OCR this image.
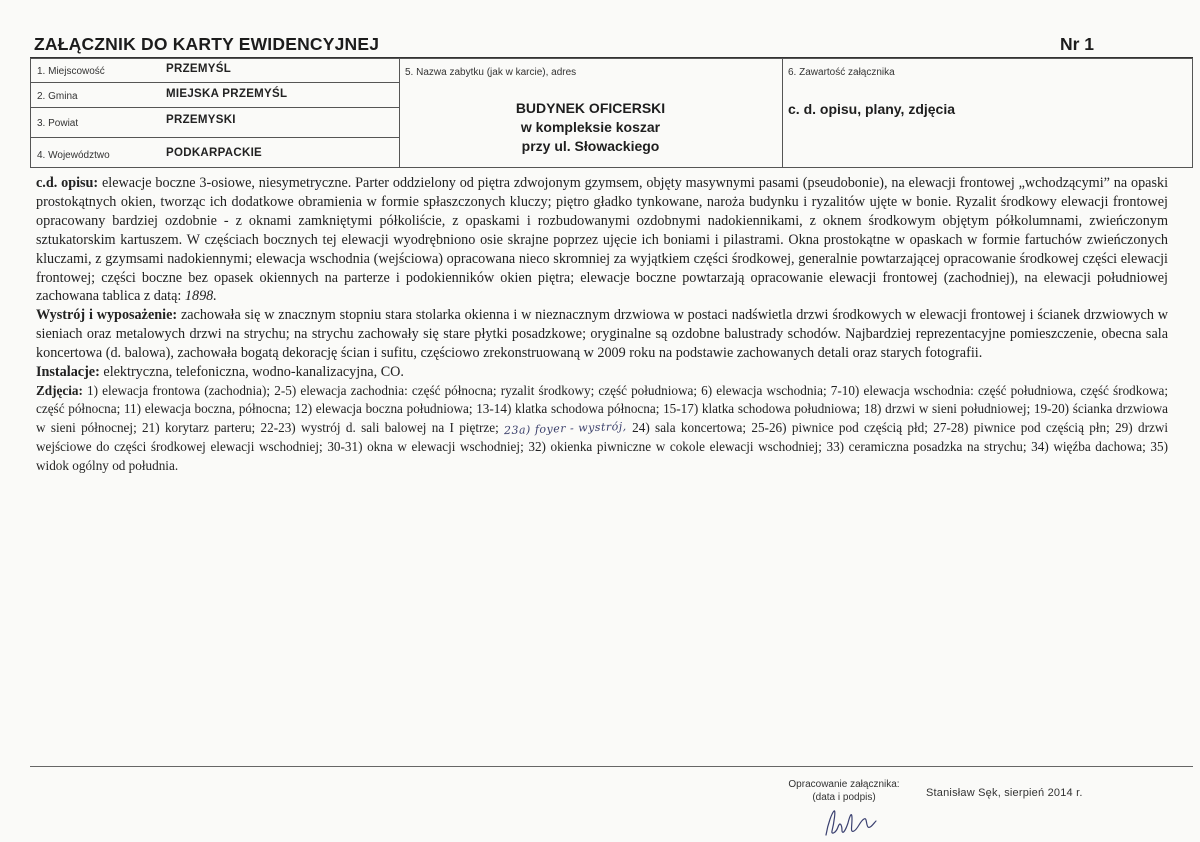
ZAŁĄCZNIK DO KARTY EWIDENCYJNEJ	Nr 1
1. Miejscowość	PRZEMYŚL
2. Gmina	MIEJSKA PRZEMYŚL
3. Powiat	PRZEMYSKI
4. Województwo	PODKARPACKIE
5. Nazwa zabytku (jak w karcie), adres
BUDYNEK OFICERSKI
w kompleksie koszar
przy ul. Słowackiego
6. Zawartość załącznika
c. d. opisu, plany, zdjęcia

c.d. opisu: elewacje boczne 3-osiowe, niesymetryczne. Parter oddzielony od piętra zdwojonym gzymsem, objęty masywnymi pasami (pseudobonie), na elewacji frontowej „wchodzącymi” na opaski prostokątnych okien, tworząc ich dodatkowe obramienia w formie spłaszczonych kluczy; piętro gładko tynkowane, naroża budynku i ryzalitów ujęte w bonie. Ryzalit środkowy elewacji frontowej opracowany bardziej ozdobnie - z oknami zamkniętymi półkoliście, z opaskami i rozbudowanymi ozdobnymi nadokiennikami, z oknem środkowym objętym półkolumnami, zwieńczonym sztukatorskim kartuszem. W częściach bocznych tej elewacji wyodrębniono osie skrajne poprzez ujęcie ich boniami i pilastrami. Okna prostokątne w opaskach w formie fartuchów zwieńczonych kluczami, z gzymsami nadokiennymi; elewacja wschodnia (wejściowa) opracowana nieco skromniej za wyjątkiem części środkowej, generalnie powtarzającej opracowanie środkowej części elewacji frontowej; części boczne bez opasek okiennych na parterze i podokienników okien piętra; elewacje boczne powtarzają opracowanie elewacji frontowej (zachodniej), na elewacji południowej zachowana tablica z datą: 1898.

Wystrój i wyposażenie: zachowała się w znacznym stopniu stara stolarka okienna i w nieznacznym drzwiowa w postaci nadświetla drzwi środkowych w elewacji frontowej i ścianek drzwiowych w sieniach oraz metalowych drzwi na strychu; na strychu zachowały się stare płytki posadzkowe; oryginalne są ozdobne balustrady schodów. Najbardziej reprezentacyjne pomieszczenie, obecna sala koncertowa (d. balowa), zachowała bogatą dekorację ścian i sufitu, częściowo zrekonstruowaną w 2009 roku na podstawie zachowanych detali oraz starych fotografii.

Instalacje: elektryczna, telefoniczna, wodno-kanalizacyjna, CO.

Zdjęcia: 1) elewacja frontowa (zachodnia); 2-5) elewacja zachodnia: część północna; ryzalit środkowy; część południowa; 6) elewacja wschodnia; 7-10) elewacja wschodnia: część południowa, część środkowa; część północna; 11) elewacja boczna, północna; 12) elewacja boczna południowa; 13-14) klatka schodowa północna; 15-17) klatka schodowa południowa; 18) drzwi w sieni południowej; 19-20) ścianka drzwiowa w sieni północnej; 21) korytarz parteru; 22-23) wystrój d. sali balowej na I piętrze; 23a) foyer - wystrój, 24) sala koncertowa; 25-26) piwnice pod częścią płd; 27-28) piwnice pod częścią płn; 29) drzwi wejściowe do części środkowej elewacji wschodniej; 30-31) okna w elewacji wschodniej; 32) okienka piwniczne w cokole elewacji wschodniej; 33) ceramiczna posadzka na strychu; 34) więźba dachowa; 35) widok ogólny od południa.

Opracowanie załącznika:
(data i podpis)	Stanisław Sęk, sierpień 2014 r.
